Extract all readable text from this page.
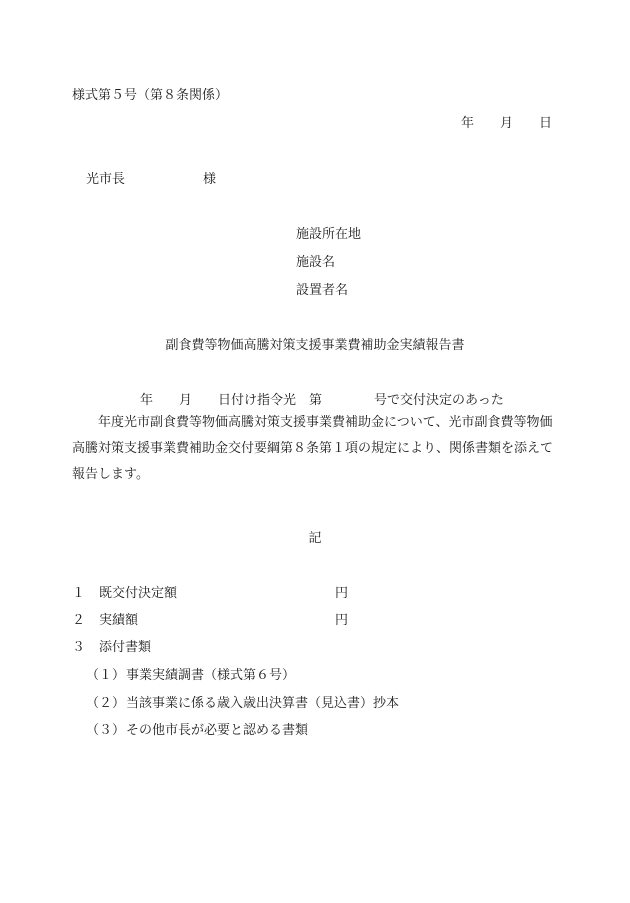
様式第５号（第８条関係）
年　　月　　日
光市長　　　　　　様
施設所在地
施設名
設置者名
副食費等物価高騰対策支援事業費補助金実績報告書
年　　月　　日付け指令光　第　　　　号で交付決定のあった
年度光市副食費等物価高騰対策支援事業費補助金について、光市副食費等物価高騰対策支援事業費補助金交付要綱第８条第１項の規定により、関係書類を添えて報告します。
記
１ 既交付決定額	円
２ 実績額	円
３ 添付書類
（１） 事業実績調書（様式第６号）
（２） 当該事業に係る歳入歳出決算書（見込書）抄本
（３） その他市長が必要と認める書類
